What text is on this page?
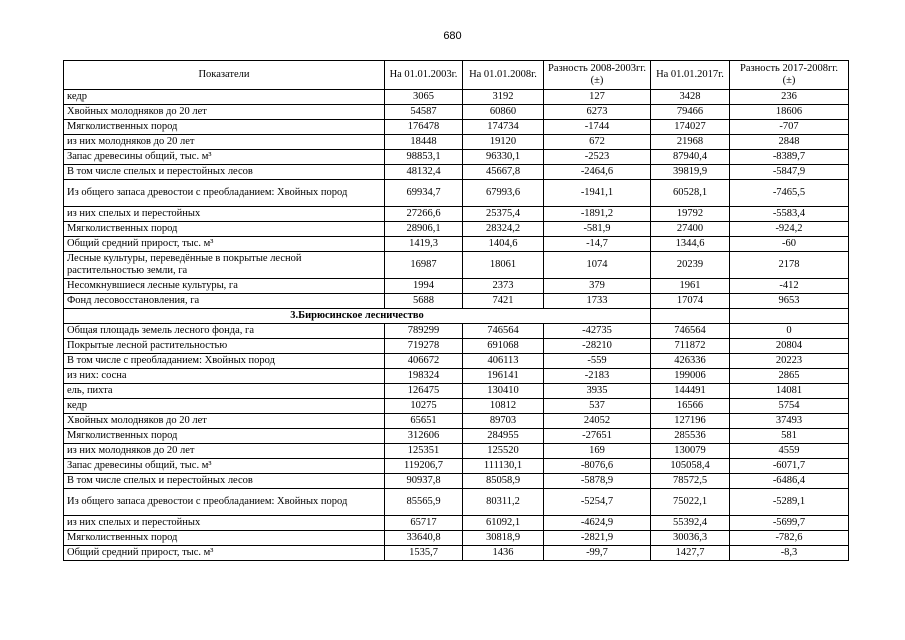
680
Показатели	На 01.01.2003г.	На 01.01.2008г.	Разность 2008-2003гг. (±)	На 01.01.2017г.	Разность 2017-2008гг. (±)
кедр	3065	3192	127	3428	236
Хвойных молодняков до 20 лет	54587	60860	6273	79466	18606
Мягколиственных пород	176478	174734	-1744	174027	-707
из них молодняков до 20 лет	18448	19120	672	21968	2848
Запас древесины общий, тыс. м³	98853,1	96330,1	-2523	87940,4	-8389,7
В том числе спелых и перестойных лесов	48132,4	45667,8	-2464,6	39819,9	-5847,9
Из общего запаса древостои с преобладанием: Хвойных пород	69934,7	67993,6	-1941,1	60528,1	-7465,5
из них спелых и перестойных	27266,6	25375,4	-1891,2	19792	-5583,4
Мягколиственных пород	28906,1	28324,2	-581,9	27400	-924,2
Общий средний прирост, тыс. м³	1419,3	1404,6	-14,7	1344,6	-60
Лесные культуры, переведённые в покрытые лесной растительностью земли, га	16987	18061	1074	20239	2178
Несомкнувшиеся лесные культуры, га	1994	2373	379	1961	-412
Фонд лесовосстановления, га	5688	7421	1733	17074	9653
3.Бирюсинское лесничество					
Общая площадь земель лесного фонда, га	789299	746564	-42735	746564	0
Покрытые лесной растительностью	719278	691068	-28210	711872	20804
В том числе с преобладанием: Хвойных пород	406672	406113	-559	426336	20223
из них: сосна	198324	196141	-2183	199006	2865
ель, пихта	126475	130410	3935	144491	14081
кедр	10275	10812	537	16566	5754
Хвойных молодняков до 20 лет	65651	89703	24052	127196	37493
Мягколиственных пород	312606	284955	-27651	285536	581
из них молодняков до 20 лет	125351	125520	169	130079	4559
Запас древесины общий, тыс. м³	119206,7	111130,1	-8076,6	105058,4	-6071,7
В том числе спелых и перестойных лесов	90937,8	85058,9	-5878,9	78572,5	-6486,4
Из общего запаса древостои с преобладанием: Хвойных пород	85565,9	80311,2	-5254,7	75022,1	-5289,1
из них спелых и перестойных	65717	61092,1	-4624,9	55392,4	-5699,7
Мягколиственных пород	33640,8	30818,9	-2821,9	30036,3	-782,6
Общий средний прирост, тыс. м³	1535,7	1436	-99,7	1427,7	-8,3
